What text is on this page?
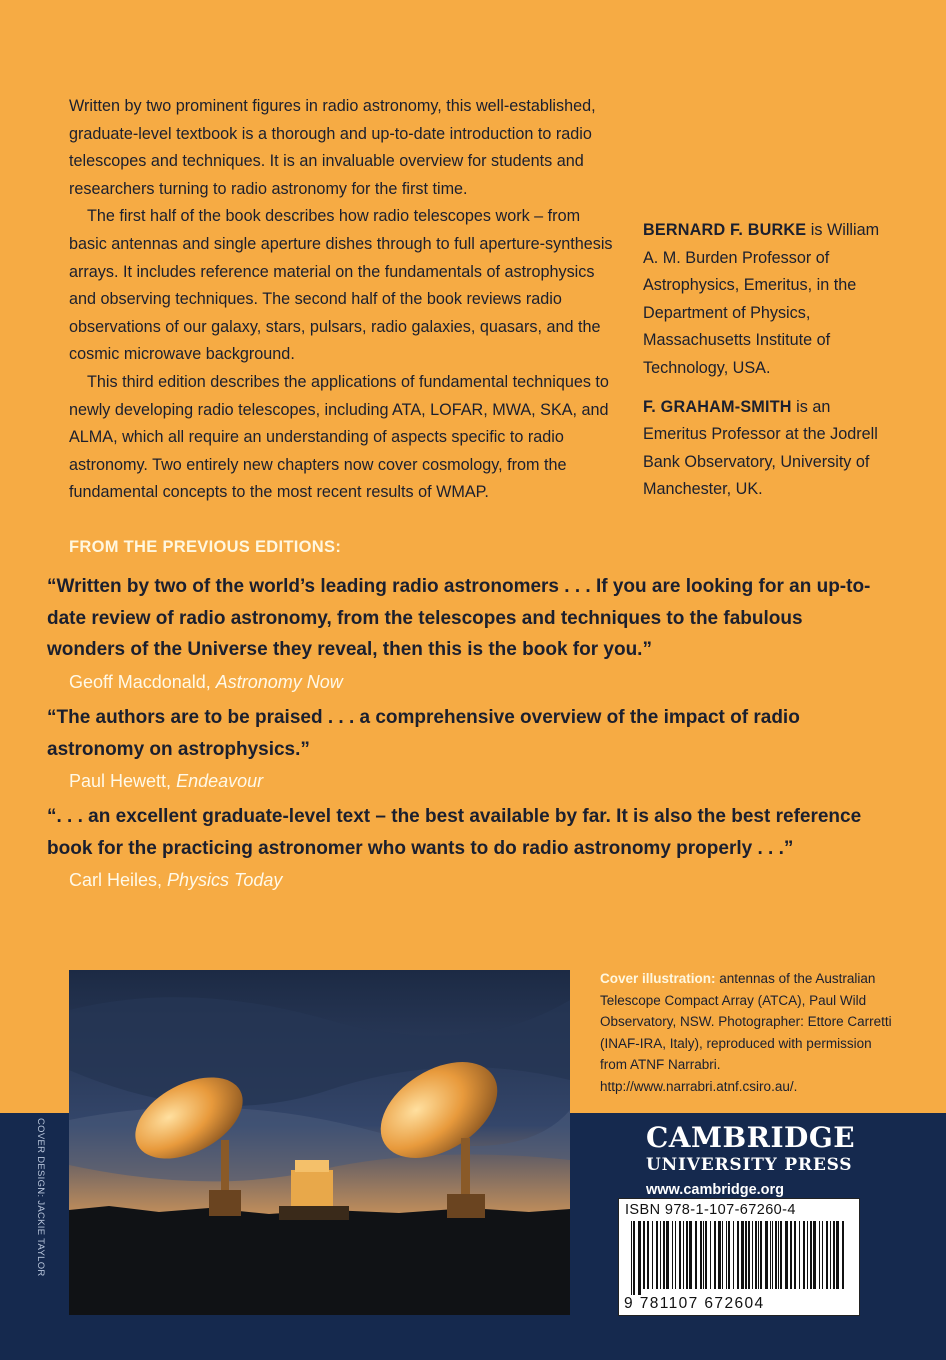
Written by two prominent figures in radio astronomy, this well-established, graduate-level textbook is a thorough and up-to-date introduction to radio telescopes and techniques. It is an invaluable overview for students and researchers turning to radio astronomy for the first time.

The first half of the book describes how radio telescopes work – from basic antennas and single aperture dishes through to full aperture-synthesis arrays. It includes reference material on the fundamentals of astrophysics and observing techniques. The second half of the book reviews radio observations of our galaxy, stars, pulsars, radio galaxies, quasars, and the cosmic microwave background.

This third edition describes the applications of fundamental techniques to newly developing radio telescopes, including ATA, LOFAR, MWA, SKA, and ALMA, which all require an understanding of aspects specific to radio astronomy. Two entirely new chapters now cover cosmology, from the fundamental concepts to the most recent results of WMAP.

BERNARD F. BURKE is William A. M. Burden Professor of Astrophysics, Emeritus, in the Department of Physics, Massachusetts Institute of Technology, USA.

F. GRAHAM-SMITH is an Emeritus Professor at the Jodrell Bank Observatory, University of Manchester, UK.

FROM THE PREVIOUS EDITIONS:
“Written by two of the world’s leading radio astronomers . . . If you are looking for an up-to-date review of radio astronomy, from the telescopes and techniques to the fabulous wonders of the Universe they reveal, then this is the book for you.”
Geoff Macdonald, Astronomy Now
“The authors are to be praised . . . a comprehensive overview of the impact of radio astronomy on astrophysics.”
Paul Hewett, Endeavour
“. . . an excellent graduate-level text – the best available by far. It is also the best reference book for the practicing astronomer who wants to do radio astronomy properly . . .”
Carl Heiles, Physics Today
Cover illustration: antennas of the Australian Telescope Compact Array (ATCA), Paul Wild Observatory, NSW. Photographer: Ettore Carretti (INAF-IRA, Italy), reproduced with permission from ATNF Narrabri. http://www.narrabri.atnf.csiro.au/.
CAMBRIDGE
UNIVERSITY PRESS
www.cambridge.org
ISBN 978-1-107-67260-4
9 781107 672604
COVER DESIGN: JACKIE TAYLOR
